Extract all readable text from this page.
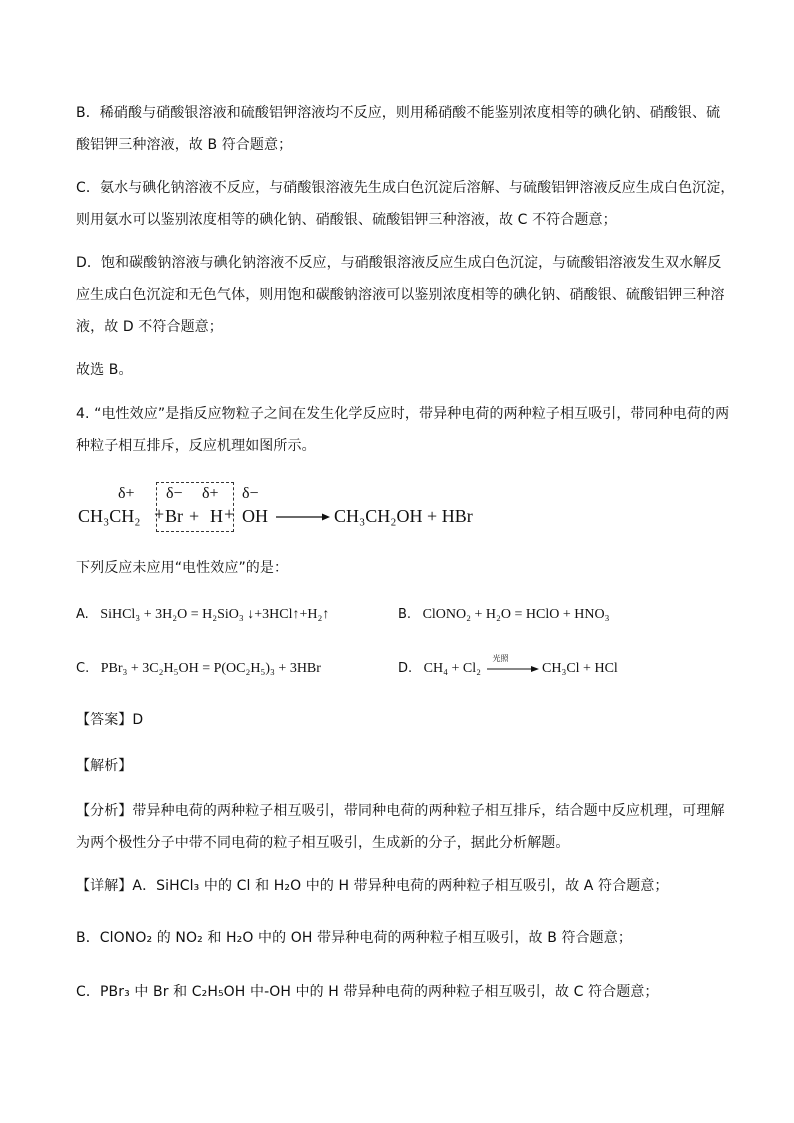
B．稀硝酸与硝酸银溶液和硫酸铝钾溶液均不反应，则用稀硝酸不能鉴别浓度相等的碘化钠、硝酸银、硫
酸铝钾三种溶液，故 B 符合题意；
C．氨水与碘化钠溶液不反应，与硝酸银溶液先生成白色沉淀后溶解、与硫酸铝钾溶液反应生成白色沉淀，
则用氨水可以鉴别浓度相等的碘化钠、硝酸银、硫酸铝钾三种溶液，故 C 不符合题意；
D．饱和碳酸钠溶液与碘化钠溶液不反应，与硝酸银溶液反应生成白色沉淀，与硫酸铝溶液发生双水解反
应生成白色沉淀和无色气体，则用饱和碳酸钠溶液可以鉴别浓度相等的碘化钠、硝酸银、硫酸铝钾三种溶
液，故 D 不符合题意；
故选 B。
4. “电性效应”是指反应物粒子之间在发生化学反应时，带异种电荷的两种粒子相互吸引，带同种电荷的两
种粒子相互排斥，反应机理如图所示。
δ+ δ− δ+ δ−
CH₃CH₂ + Br + H + OH → CH₃CH₂OH + HBr
下列反应未应用“电性效应”的是：
A. SiHCl₃ + 3H₂O = H₂SiO₃ ↓+3HCl↑+H₂↑	B. ClONO₂ + H₂O = HClO + HNO₃
C. PBr₃ + 3C₂H₅OH = P(OC₂H₅)₃ + 3HBr	D. CH₄ + Cl₂
光照
CH₃Cl + HCl
【答案】D
【解析】
【分析】带异种电荷的两种粒子相互吸引，带同种电荷的两种粒子相互排斥，结合题中反应机理，可理解
为两个极性分子中带不同电荷的粒子相互吸引，生成新的分子，据此分析解题。
【详解】A．SiHCl₃ 中的 Cl 和 H₂O 中的 H 带异种电荷的两种粒子相互吸引，故 A 符合题意；
B．ClONO₂ 的 NO₂ 和 H₂O 中的 OH 带异种电荷的两种粒子相互吸引，故 B 符合题意；
C．PBr₃ 中 Br 和 C₂H₅OH 中-OH 中的 H 带异种电荷的两种粒子相互吸引，故 C 符合题意；
